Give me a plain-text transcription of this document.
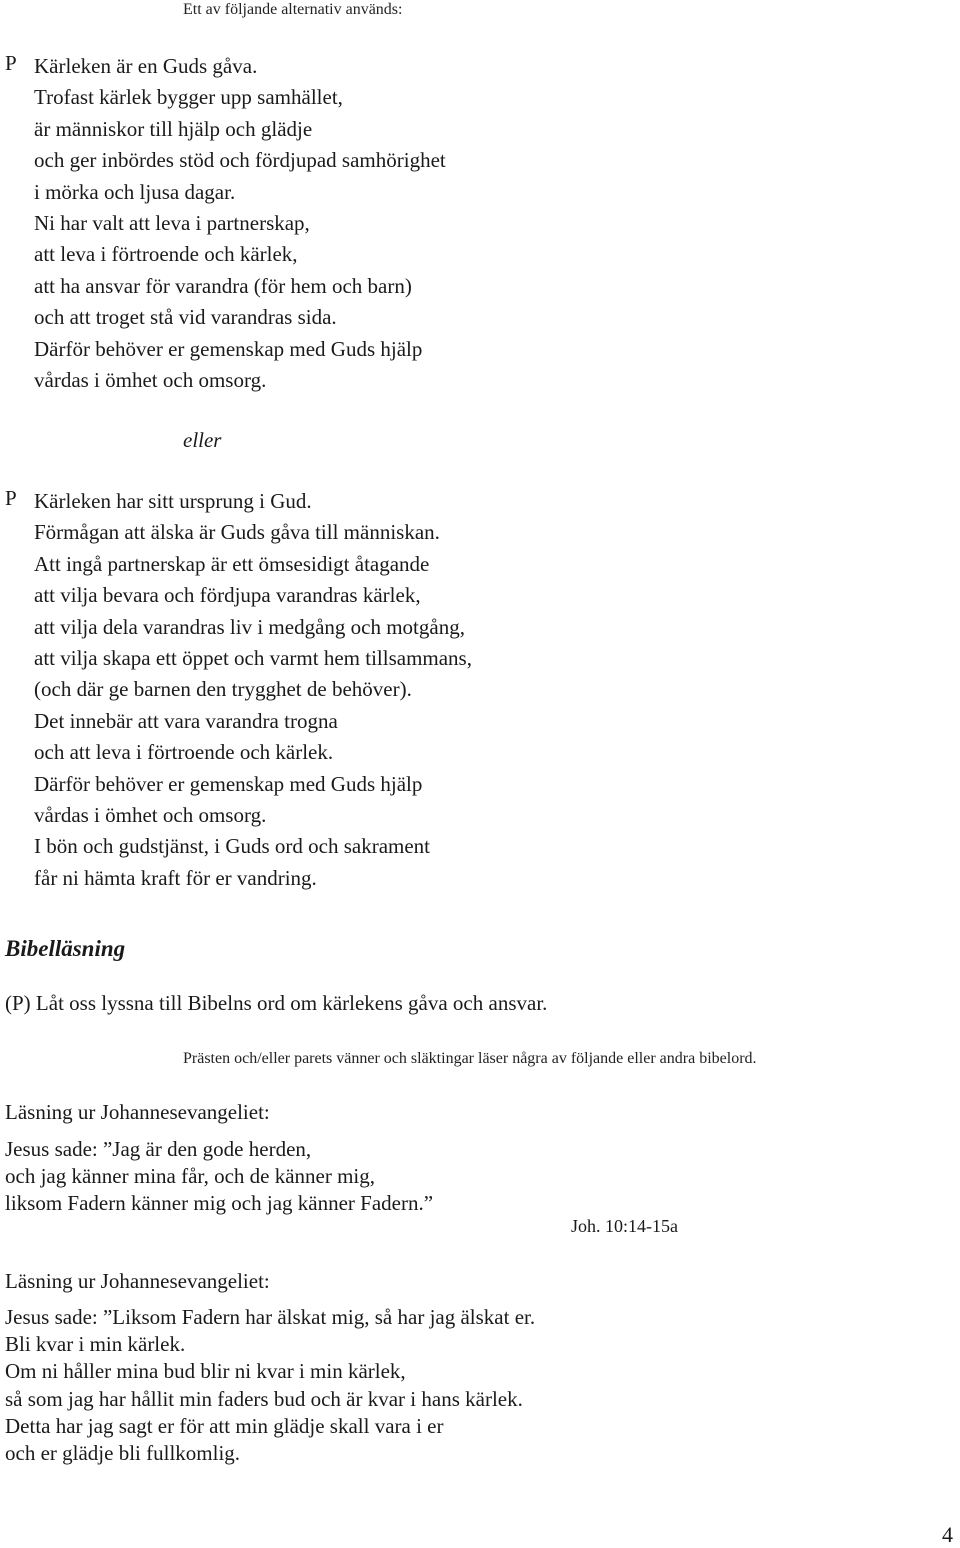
Ett av följande alternativ används:
P Kärleken är en Guds gåva.
Trofast kärlek bygger upp samhället,
är människor till hjälp och glädje
och ger inbördes stöd och fördjupad samhörighet
i mörka och ljusa dagar.
Ni har valt att leva i partnerskap,
att leva i förtroende och kärlek,
att ha ansvar för varandra (för hem och barn)
och att troget stå vid varandras sida.
Därför behöver er gemenskap med Guds hjälp
vårdas i ömhet och omsorg.
eller
P Kärleken har sitt ursprung i Gud.
Förmågan att älska är Guds gåva till människan.
Att ingå partnerskap är ett ömsesidigt åtagande
att vilja bevara och fördjupa varandras kärlek,
att vilja dela varandras liv i medgång och motgång,
att vilja skapa ett öppet och varmt hem tillsammans,
(och där ge barnen den trygghet de behöver).
Det innebär att vara varandra trogna
och att leva i förtroende och kärlek.
Därför behöver er gemenskap med Guds hjälp
vårdas i ömhet och omsorg.
I bön och gudstjänst, i Guds ord och sakrament
får ni hämta kraft för er vandring.
Bibelläsning
(P) Låt oss lyssna till Bibelns ord om kärlekens gåva och ansvar.
Prästen och/eller parets vänner och släktingar läser några av följande eller andra bibelord.
Läsning ur Johannesevangeliet:
Jesus sade: ”Jag är den gode herden,
och jag känner mina får, och de känner mig,
liksom Fadern känner mig och jag känner Fadern.”
Joh. 10:14-15a
Läsning ur Johannesevangeliet:
Jesus sade: ”Liksom Fadern har älskat mig, så har jag älskat er.
Bli kvar i min kärlek.
Om ni håller mina bud blir ni kvar i min kärlek,
så som jag har hållit min faders bud och är kvar i hans kärlek.
Detta har jag sagt er för att min glädje skall vara i er
och er glädje bli fullkomlig.
4
